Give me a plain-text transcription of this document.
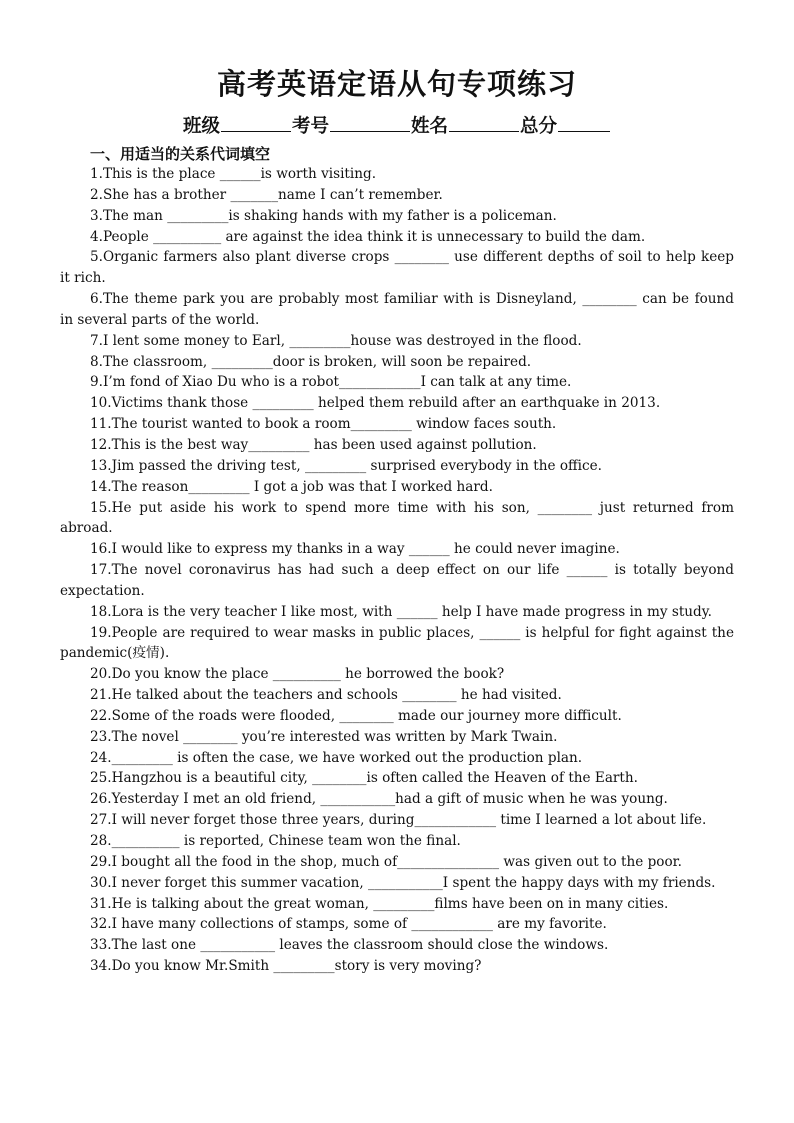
高考英语定语从句专项练习
班级	考号	姓名	总分
一、用适当的关系代词填空

1.This is the place ______is worth visiting.

2.She has a brother _______name I can’t remember.

3.The man _________is shaking hands with my father is a policeman.

4.People __________ are against the idea think it is unnecessary to build the dam.

5.Organic farmers also plant diverse crops ________ use different depths of soil to help keep it rich.

6.The theme park you are probably most familiar with is Disneyland, ________ can be found in several parts of the world.

7.I lent some money to Earl, _________house was destroyed in the flood.

8.The classroom, _________door is broken, will soon be repaired.

9.I’m fond of Xiao Du who is a robot____________I can talk at any time.

10.Victims thank those _________ helped them rebuild after an earthquake in 2013.

11.The tourist wanted to book a room_________ window faces south.

12.This is the best way_________ has been used against pollution.

13.Jim passed the driving test, _________ surprised everybody in the office.

14.The reason_________ I got a job was that I worked hard.

15.He put aside his work to spend more time with his son, ________ just returned from abroad.

16.I would like to express my thanks in a way ______ he could never imagine.

17.The novel coronavirus has had such a deep effect on our life ______ is totally beyond expectation.

18.Lora is the very teacher I like most, with ______ help I have made progress in my study.

19.People are required to wear masks in public places, ______ is helpful for fight against the pandemic(疫情).

20.Do you know the place __________ he borrowed the book?

21.He talked about the teachers and schools ________ he had visited.

22.Some of the roads were flooded, ________ made our journey more difficult.

23.The novel ________ you’re interested was written by Mark Twain.

24._________ is often the case, we have worked out the production plan.

25.Hangzhou is a beautiful city, ________is often called the Heaven of the Earth.

26.Yesterday I met an old friend, ___________had a gift of music when he was young.

27.I will never forget those three years, during____________ time I learned a lot about life.

28.__________ is reported, Chinese team won the final.

29.I bought all the food in the shop, much of_______________ was given out to the poor.

30.I never forget this summer vacation, ___________I spent the happy days with my friends.

31.He is talking about the great woman, _________films have been on in many cities.

32.I have many collections of stamps, some of ____________ are my favorite.

33.The last one ___________ leaves the classroom should close the windows.

34.Do you know Mr.Smith _________story is very moving?
